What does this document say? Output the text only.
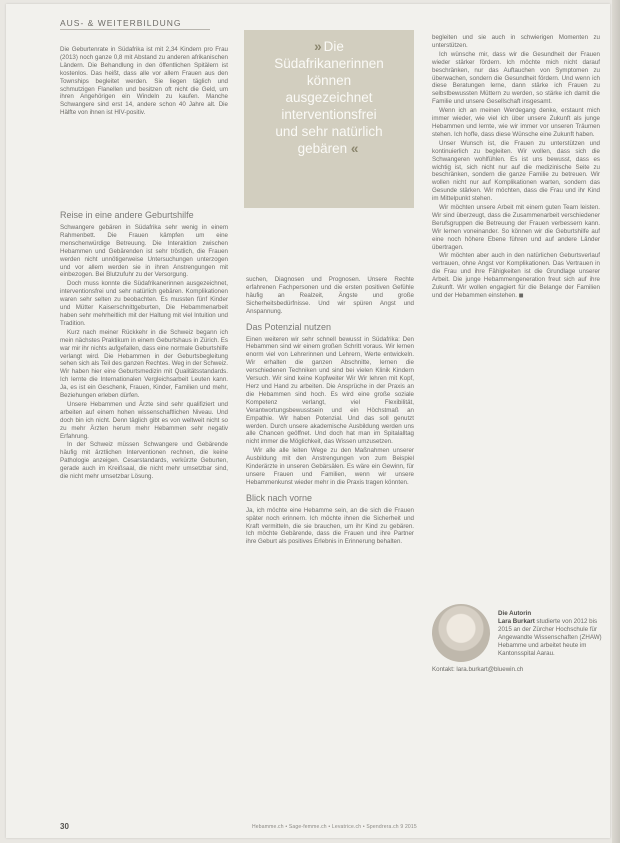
AUS- & WEITERBILDUNG

Die Geburtenrate in Südafrika ist mit 2,34 Kindern pro Frau (2013) noch ganze 0,8 mit Abstand zu anderen afrikanischen Ländern. Die Behandlung in den öffentlichen Spitälern ist kostenlos. Das heißt, dass alle vor allem Frauen aus den Townships begleitet werden. Sie liegen täglich und schmutzigen Flanellen und besitzen oft nicht die Geld, um ihren Angehörigen ein Windeln zu kaufen. Manche Schwangere sind erst 14, andere schon 40 Jahre alt. Die Hälfte von ihnen ist HIV-positiv.

Reise in eine andere Geburtshilfe

Schwangere gebären in Südafrika sehr wenig in einem Rahmenbett. Die Frauen kämpfen um eine menschenwürdige Betreuung. Die Interaktion zwischen Hebammen und Gebärenden ist sehr tröstlich, die Frauen werden nicht unnötigerweise Untersuchungen unterzogen und vor allem werden sie in ihren Anstrengungen mit einbezogen. Bei Blutzufuhr zu der Versorgung.

Doch muss konnte die Südafrikanerinnen ausgezeichnet, interventionsfrei und sehr natürlich gebären. Komplikationen waren sehr selten zu beobachten. Es mussten fünf Kinder und Mütter Kaiserschnittgeburten, Die Hebammenarbeit haben sehr mehrheitlich mit der Haltung mit viel Intuition und Tradition.

Kurz nach meiner Rückkehr in die Schweiz begann ich mein nächstes Praktikum in einem Geburtshaus in Zürich. Es war mir ihr nichts aufgefallen, dass eine normale Geburtshilfe verlangt wird. Die Hebammen in der Geburtsbegleitung sehen sich als Teil des ganzen Rechtes. Weg in der Schweiz. Wir haben hier eine Geburtsmedizin mit Qualitätsstandards. Ich lernte die Internationalen Vergleichsarbeit Leuten kann. Ja, es ist ein Geschenk, Frauen, Kinder, Familien und mehr, Beziehungen erleben dürfen.

Unsere Hebammen und Ärzte sind sehr qualifiziert und arbeiten auf einem hohen wissenschaftlichen Niveau. Und doch bin ich nicht. Denn täglich gibt es von weltweit nicht so zu mehr Ärzten herum mehr Hebammen sehr negativ Erfahrung.

In der Schweiz müssen Schwangere und Gebärende häufig mit ärztlichen Interventionen rechnen, die keine Pathologie anzeigen. Cesarstandards, verkürzte Geburten, gerade auch im Kreißsaal, die nicht mehr umsetzbar sind, die nicht mehr umsetzbar Lösung.

» Die
Südafrikanerinnen
können
ausgezeichnet
interventionsfrei
und sehr natürlich
gebären «

suchen, Diagnosen und Prognosen. Unsere Rechte erfahrenen Fachpersonen und die ersten positiven Gefühle häufig an Realzeit, Ängste und große Sicherheitsbedürfnisse. Und wir spüren Angst und Anspannung.

Das Potenzial nutzen

Einen weiteren wir sehr schnell bewusst in Südafrika: Den Hebammen sind wir einem großen Schritt voraus. Wir lernen enorm viel von Lehrerinnen und Lehrern, Werte entwickeln. Wir erhalten die ganzen Abschnitte, lernen die verschiedenen Techniken und sind bei vielen Klinik Kindern Versuch. Wir sind keine Kopfweiter Wir Wir lehren mit Kopf, Herz und Hand zu arbeiten. Die Ansprüche in der Praxis an die Hebammen sind hoch. Es wird eine große soziale Kompetenz verlangt, viel Flexibilität, Verantwortungsbewusstsein und ein Höchstmaß an Empathie. Wir haben Potenzial. Und das soll genutzt werden. Durch unsere akademische Ausbildung werden uns alle Chancen geöffnet. Und doch hat man im Spitalalltag nicht immer die Möglichkeit, das Wissen umzusetzen.

Wir alle alle leiten Wege zu den Maßnahmen unserer Ausbildung mit den Anstrengungen von zum Beispiel Kinderärzte in unseren Gebärsälen. Es wäre ein Gewinn, für unsere Frauen und Familien, wenn wir unsere Hebammenkunst wieder mehr in die Praxis tragen könnten.

Blick nach vorne

Ja, ich möchte eine Hebamme sein, an die sich die Frauen später noch erinnern. Ich möchte ihnen die Sicherheit und Kraft vermitteln, die sie brauchen, um ihr Kind zu gebären. Ich möchte Gebärende, dass die Frauen und ihre Partner ihre Geburt als positives Erlebnis in Erinnerung behalten.

begleiten und sie auch in schwierigen Momenten zu unterstützen.

Ich wünsche mir, dass wir die Gesundheit der Frauen wieder stärker fördern. Ich möchte mich nicht darauf beschränken, nur das Auftauchen von Symptomen zu überwachen, sondern die Gesundheit fördern. Und wenn ich diese Beratungen lerne, dann stärke ich Frauen zu selbstbewussten Müttern zu werden, so stärke ich damit die Familie und unsere Gesellschaft insgesamt.

Wenn ich an meinen Werdegang denke, erstaunt mich immer wieder, wie viel ich über unsere Zukunft als junge Hebammen und lernte, wie wir immer vor unseren Träumen stehen. Ich hoffe, dass diese Wünsche eine Zukunft haben.

Unser Wunsch ist, die Frauen zu unterstützen und kontinuierlich zu begleiten. Wir wollen, dass sich die Schwangeren wohlfühlen. Es ist uns bewusst, dass es wichtig ist, sich nicht nur auf die medizinische Seite zu beschränken, sondern die ganze Familie zu betreuen. Wir wollen nicht nur auf Komplikationen warten, sondern das Gesunde stärken. Wir möchten, dass die Frau und ihr Kind im Mittelpunkt stehen.

Wir möchten unsere Arbeit mit einem guten Team leisten. Wir sind überzeugt, dass die Zusammenarbeit verschiedener Berufsgruppen die Betreuung der Frauen verbessern kann. Wir lernen voneinander. So können wir die Geburtshilfe auf eine noch höhere Ebene führen und auf andere Länder übertragen.

Wir möchten aber auch in den natürlichen Geburtsverlauf vertrauen, ohne Angst vor Komplikationen. Das Vertrauen in die Frau und ihre Fähigkeiten ist die Grundlage unserer Arbeit. Die junge Hebammengeneration freut sich auf ihre Zukunft. Wir wollen engagiert für die Belange der Familien und der Hebammen einstehen. ◼

Die Autorin
Lara Burkart studierte von 2012 bis 2015 an der Zürcher Hochschule für Angewandte Wissenschaften (ZHAW) Hebamme und arbeitet heute im Kantonsspital Aarau.
Kontakt: lara.burkart@bluewin.ch
30	Hebamme.ch • Sage-femme.ch • Levatrice.ch • Spendrera.ch 9 2015
